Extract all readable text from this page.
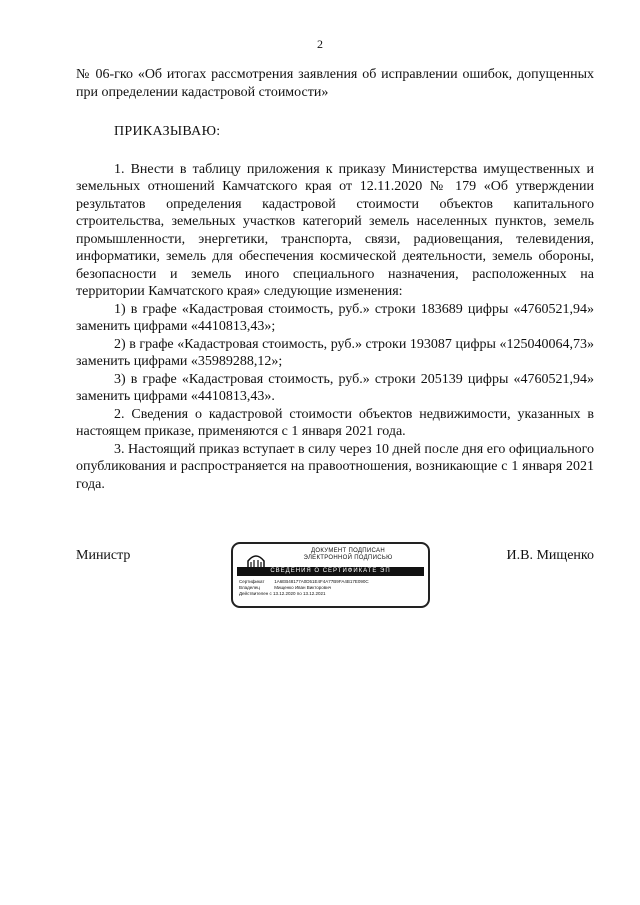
2

№ 06-гко «Об итогах рассмотрения заявления об исправлении ошибок, допущенных при определении кадастровой стоимости»

ПРИКАЗЫВАЮ:

1. Внести в таблицу приложения к приказу Министерства имущественных и земельных отношений Камчатского края от 12.11.2020 № 179 «Об утверждении результатов определения кадастровой стоимости объектов капитального строительства, земельных участков категорий земель населенных пунктов, земель промышленности, энергетики, транспорта, связи, радиовещания, телевидения, информатики, земель для обеспечения космической деятельности, земель обороны, безопасности и земель иного специального назначения, расположенных на территории Камчатского края» следующие изменения:

1) в графе «Кадастровая стоимость, руб.» строки 183689 цифры «4760521,94» заменить цифрами «4410813,43»;

2) в графе «Кадастровая стоимость, руб.» строки 193087 цифры «125040064,73» заменить цифрами «35989288,12»;

3) в графе «Кадастровая стоимость, руб.» строки 205139 цифры «4760521,94» заменить цифрами «4410813,43».

2. Сведения о кадастровой стоимости объектов недвижимости, указанных в настоящем приказе, применяются с 1 января 2021 года.

3. Настоящий приказ вступает в силу через 10 дней после дня его официального опубликования и распространяется на правоотношения, возникающие с 1 января 2021 года.

Министр	ДОКУМЕНТ ПОДПИСАН
ЭЛЕКТРОННОЙ ПОДПИСЬЮ
СВЕДЕНИЯ О СЕРТИФИКАТЕ ЭП
Сертификат 1A6EB48177A0D51E4F4A77B9FA4B17E090C
Владелец	Мищенко Иван Викторович
Действителен с 13.12.2020 по 13.12.2021
И.В. Мищенко
